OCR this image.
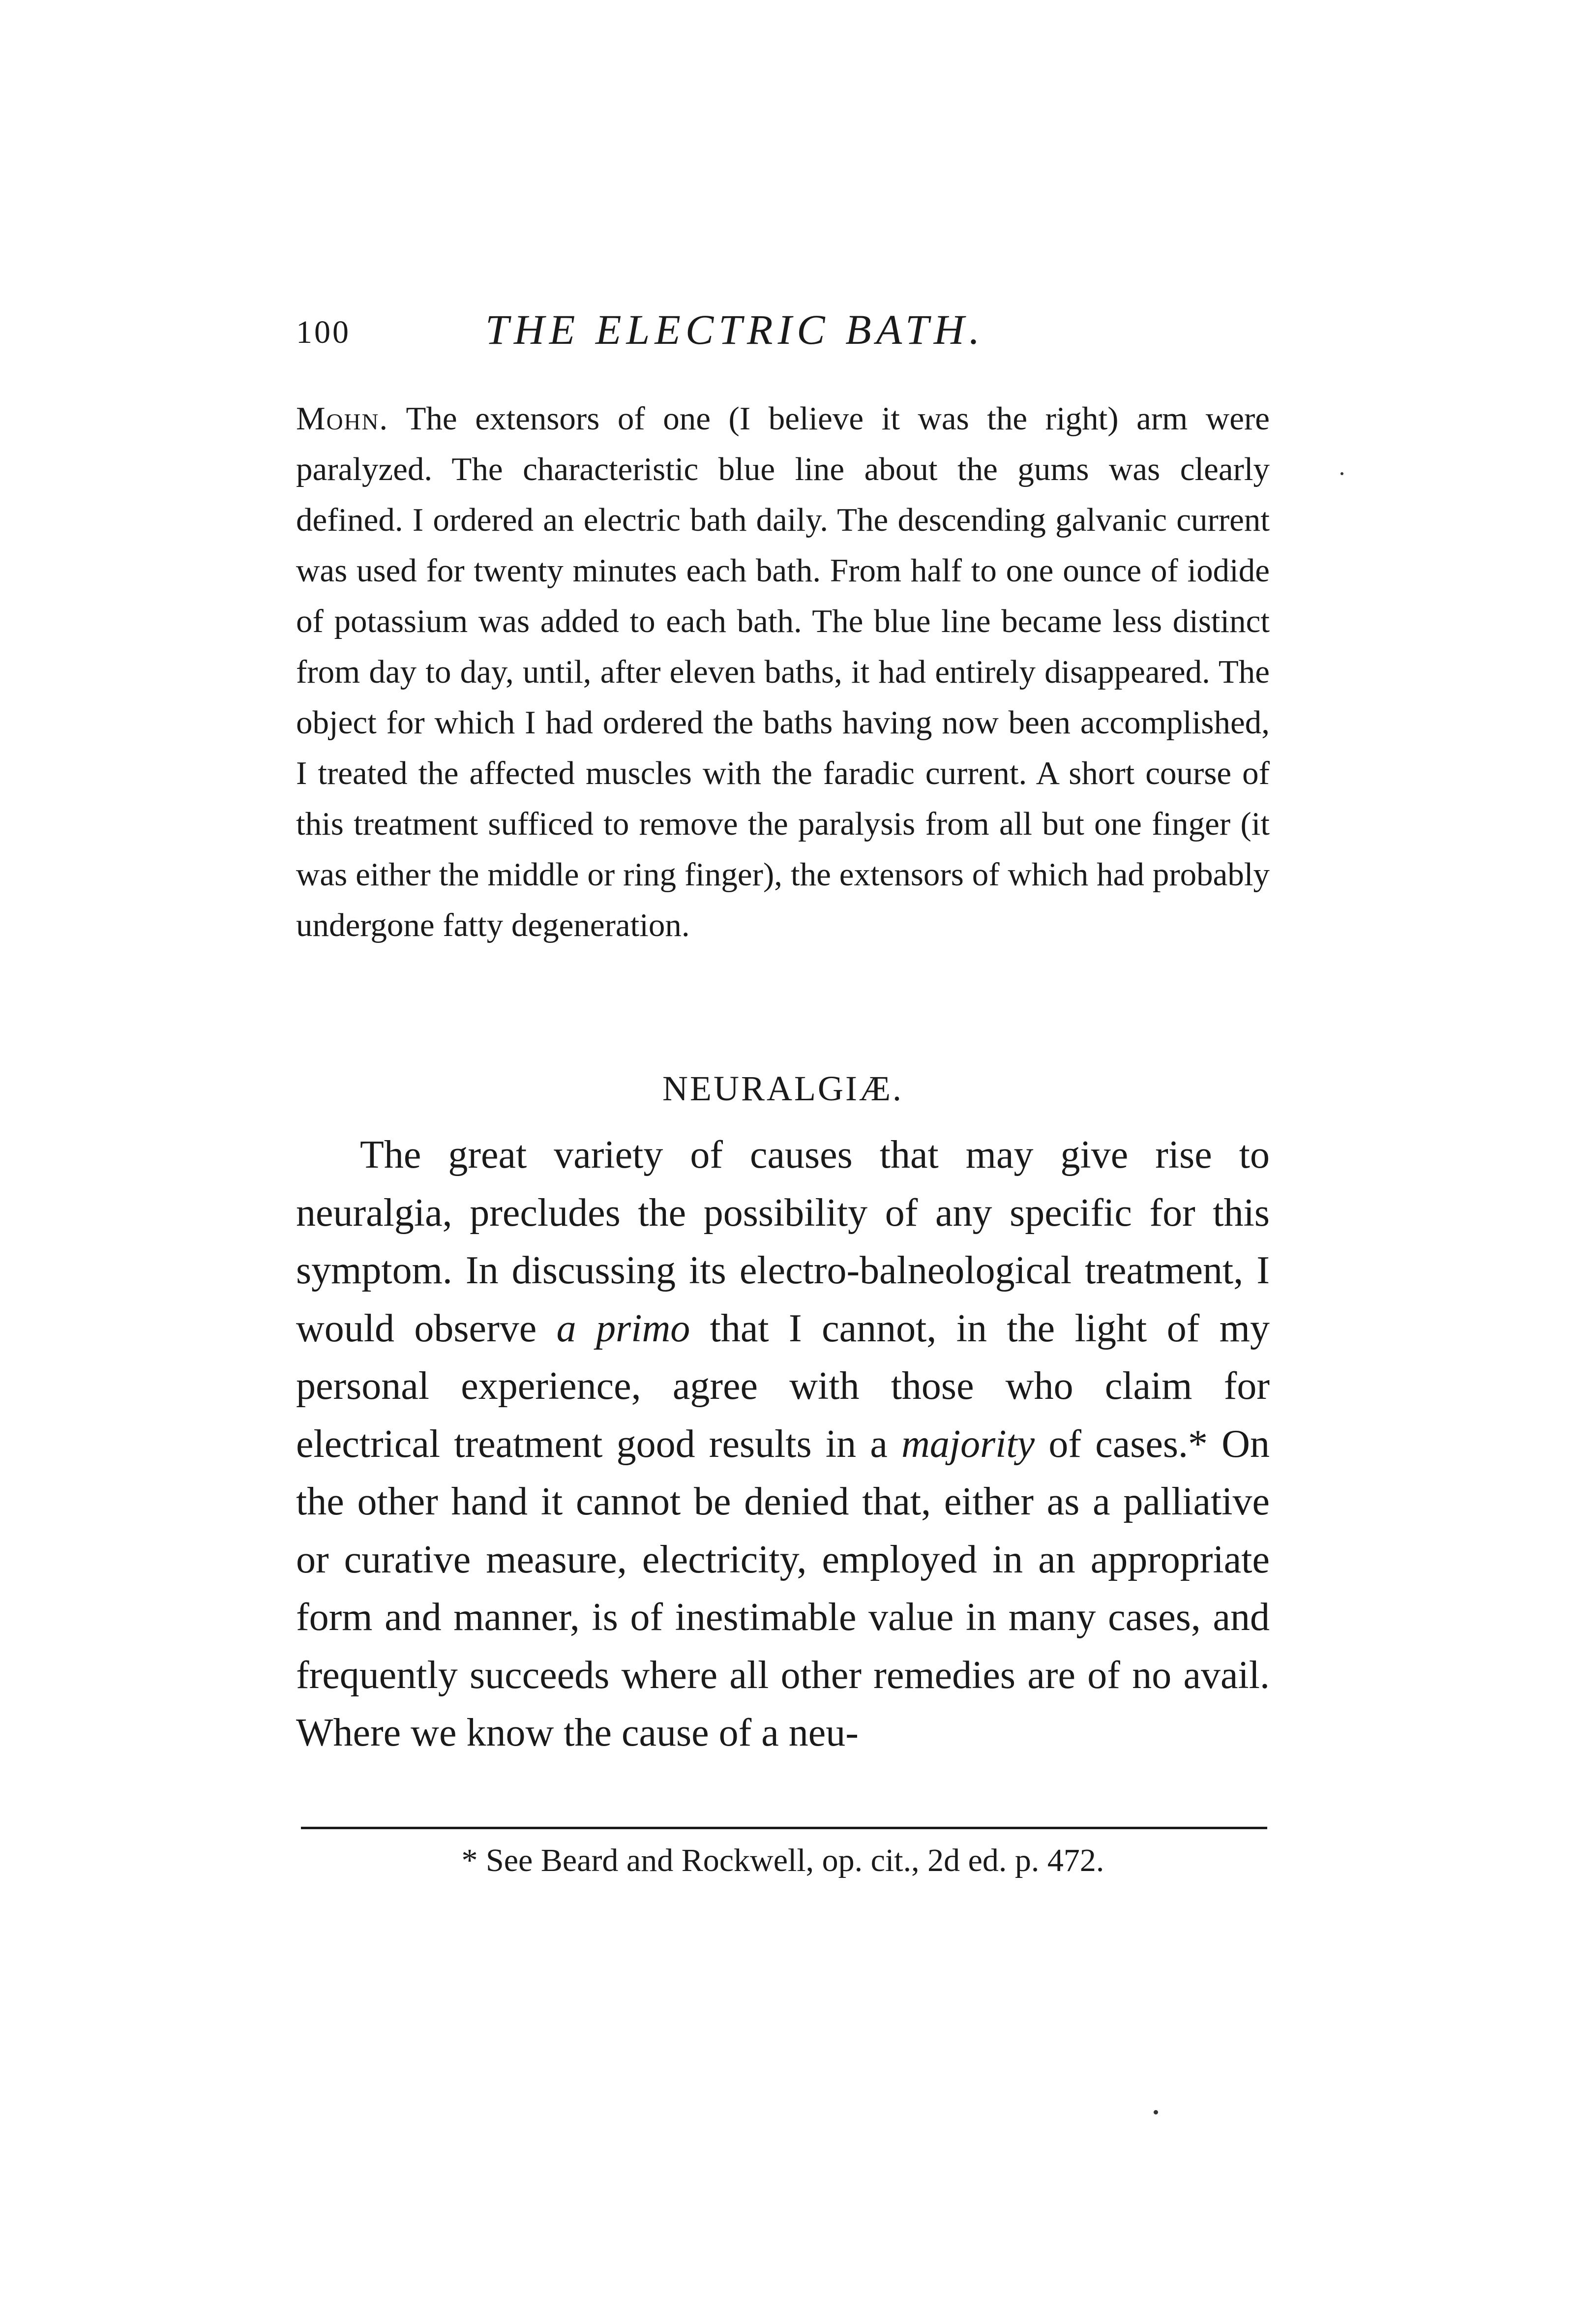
100	THE ELECTRIC BATH.
Mohn. The extensors of one (I believe it was the right) arm were paralyzed. The characteristic blue line about the gums was clearly defined. I ordered an electric bath daily. The descending galvanic current was used for twenty minutes each bath. From half to one ounce of iodide of potassium was added to each bath. The blue line became less distinct from day to day, until, after eleven baths, it had entirely disappeared. The object for which I had ordered the baths having now been accomplished, I treated the affected muscles with the faradic current. A short course of this treatment sufficed to remove the paralysis from all but one finger (it was either the middle or ring finger), the extensors of which had probably undergone fatty degeneration.
NEURALGIÆ.
The great variety of causes that may give rise to neuralgia, precludes the possibility of any specific for this symptom. In discussing its electro-balneological treatment, I would observe a primo that I cannot, in the light of my personal experience, agree with those who claim for electrical treatment good results in a majority of cases.* On the other hand it cannot be denied that, either as a palliative or curative measure, electricity, employed in an appropriate form and manner, is of inestimable value in many cases, and frequently succeeds where all other remedies are of no avail. Where we know the cause of a neu-
* See Beard and Rockwell, op. cit., 2d ed. p. 472.
